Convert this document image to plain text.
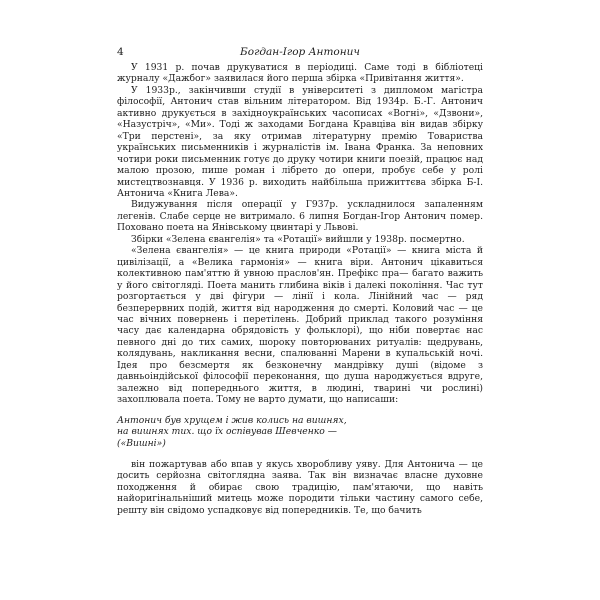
4	Богдан-Ігор Антонич

У 1931 р. почав друкуватися в періодиці. Саме тоді в бібліотеці журналу «Дажбог» заявилася його перша збірка «Привітання життя».

У 1933р., закінчивши студії в університеті з дипломом магістра філософії, Антонич став вільним літератором. Від 1934р. Б.-Г. Антонич активно друкується в західноукраїнських часописах «Вогні», «Дзвони», «Назустріч», «Ми». Тоді ж заходами Богдана Кравціва він видав збірку «Три перстені», за яку отримав літературну премію Товариства українських письменників і журналістів ім. Івана Франка. За неповних чотири роки письменник готує до друку чотири книги поезій, працює над малою прозою, пише роман і лібрето до опери, пробує себе у ролі мистецтвознавця. У 1936 р. виходить найбільша прижиттєва збірка Б-І. Антонича «Книга Лева».

Видужування після операції у Г937р. ускладнилося запаленням легенів. Слабе серце не витримало. 6 липня Богдан-Ігор Антонич помер. Поховано поета на Янівському цвинтарі у Львові.

Збірки «Зелена євангелія» та «Ротації» вийшли у 1938р. посмертно.

«Зелена євангелія» — це книга природи «Ротації» — книга міста й цивілізації, а «Велика гармонія» — книга віри. Антонич цікавиться колективною пам'яттю й увною праслов'ян. Префікс пра— багато важить у його світогляді. Поета манить глибина віків і далекі покоління. Час тут розгортається у дві фігури — лінії і кола. Лінійний час — ряд безперервних подій, життя від народження до смерті. Коловий час — це час вічних повернень і перетілень. Добрий приклад такого розуміння часу дає календарна обрядовість у фольклорі), що ніби повертає нас певного дні до тих самих, шороку повторюваних ритуалів: щедрувань, колядувань, накликання весни, спалюванні Марени в купальській ночі. Ідея про безсмертя як безконечну мандрівку душі (відоме з давньоіндійської філософії переконання, що душа народжується вдруге, залежно від попереднього життя, в людині, тварині чи рослині) захоплювала поета. Тому не варто думати, що написаши:

Антонич був хрущем і жив колись на вишнях,
на вишнях тих. що їх оспівував Шевченко —
(«Вишні»)

він пожартував або впав у якусь хворобливу уяву. Для Антонича — це досить серйозна світоглядна заява. Так він визначає власне духовне походження й обирає свою традицію, пам'ятаючи, що навіть найоригінальніший митець може породити тільки частину самого себе, решту він свідомо успадковує від попередників. Те, що бачить
